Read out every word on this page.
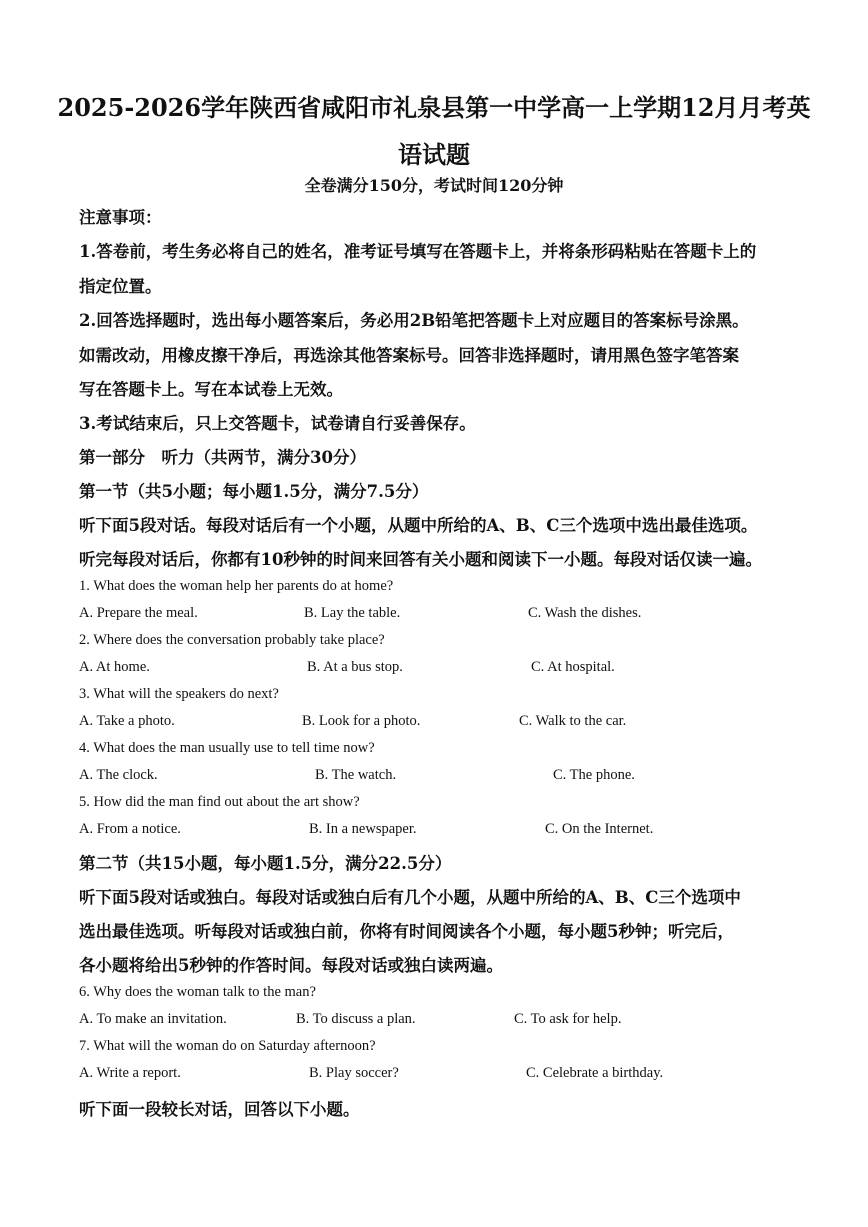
2025-2026学年陕西省咸阳市礼泉县第一中学高一上学期12月月考英
语试题
全卷满分150分，考试时间120分钟
注意事项：
1.答卷前，考生务必将自己的姓名，准考证号填写在答题卡上，并将条形码粘贴在答题卡上的
指定位置。
2.回答选择题时，选出每小题答案后，务必用2B铅笔把答题卡上对应题目的答案标号涂黑。
如需改动，用橡皮擦干净后，再选涂其他答案标号。回答非选择题时，请用黑色签字笔答案
写在答题卡上。写在本试卷上无效。
3.考试结束后，只上交答题卡，试卷请自行妥善保存。
第一部分　听力（共两节，满分30分）
第一节（共5小题；每小题1.5分，满分7.5分）
听下面5段对话。每段对话后有一个小题，从题中所给的A、B、C三个选项中选出最佳选项。
听完每段对话后，你都有10秒钟的时间来回答有关小题和阅读下一小题。每段对话仅读一遍。
1. What does the woman help her parents do at home?
A. Prepare the meal.	B. Lay the table.	C. Wash the dishes.
2. Where does the conversation probably take place?
A. At home.	B. At a bus stop.	C. At hospital.
3. What will the speakers do next?
A. Take a photo.	B. Look for a photo.	C. Walk to the car.
4. What does the man usually use to tell time now?
A. The clock.	B. The watch.	C. The phone.
5. How did the man find out about the art show?
A. From a notice.	B. In a newspaper.	C. On the Internet.
第二节（共15小题，每小题1.5分，满分22.5分）
听下面5段对话或独白。每段对话或独白后有几个小题，从题中所给的A、B、C三个选项中
选出最佳选项。听每段对话或独白前，你将有时间阅读各个小题，每小题5秒钟；听完后，
各小题将给出5秒钟的作答时间。每段对话或独白读两遍。
6. Why does the woman talk to the man?
A. To make an invitation.	B. To discuss a plan.	C. To ask for help.
7. What will the woman do on Saturday afternoon?
A. Write a report.	B. Play soccer?	C. Celebrate a birthday.
听下面一段较长对话，回答以下小题。
